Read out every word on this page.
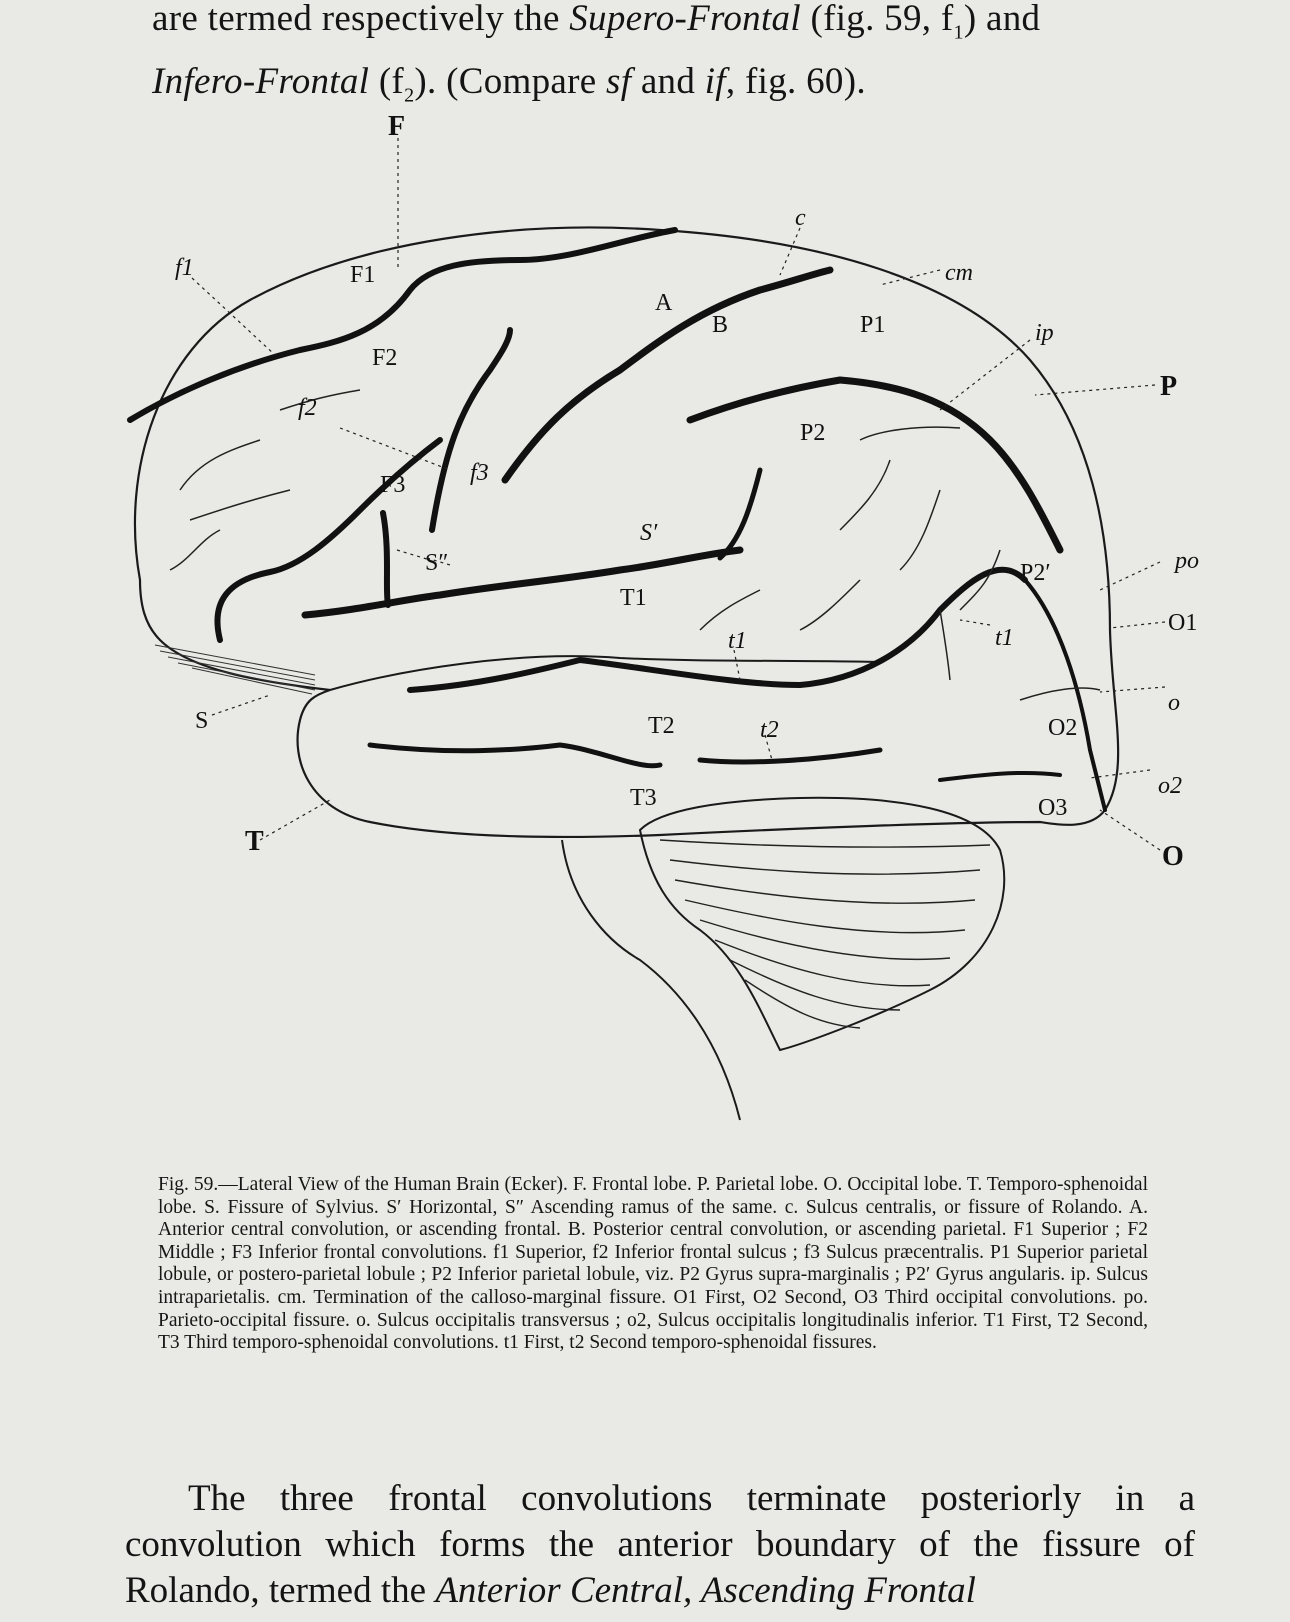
are termed respectively the Supero-Frontal (fig. 59, $f_1$) and
Infero-Frontal $(f_2)$. (Compare sf and if, fig. 60).
F
P
O
T
f1	F1
F2
F3
f2
f3
A
B
c
cm
P1	ip
P2
S′
S″
S
T1
t1	t1
P2′	po
O1
o
O2
T2	t2
T3	O3
o2
Fig. 59.—Lateral View of the Human Brain (Ecker). F. Frontal lobe. P. Parietal lobe. O. Occipital lobe. T. Temporo-sphenoidal lobe. S. Fissure of Sylvius. S′ Horizontal, S″ Ascending ramus of the same. c. Sulcus centralis, or fissure of Rolando. A. Anterior central convolution, or ascending frontal. B. Posterior central convolution, or ascending parietal. F1 Superior ; F2 Middle ; F3 Inferior frontal convolutions. f1 Superior, f2 Inferior frontal sulcus ; f3 Sulcus præcentralis. P1 Superior parietal lobule, or postero-parietal lobule ; P2 Inferior parietal lobule, viz. P2 Gyrus supra-marginalis ; P2′ Gyrus angularis. ip. Sulcus intraparietalis. cm. Termination of the calloso-marginal fissure. O1 First, O2 Second, O3 Third occipital convolutions. po. Parieto-occipital fissure. o. Sulcus occipitalis transversus ; o2, Sulcus occipitalis longitudinalis inferior. T1 First, T2 Second, T3 Third temporo-sphenoidal convolutions. t1 First, t2 Second temporo-sphenoidal fissures.
The three frontal convolutions terminate posteriorly in a convolution which forms the anterior boundary of the fissure of Rolando, termed the Anterior Central, Ascending Frontal
